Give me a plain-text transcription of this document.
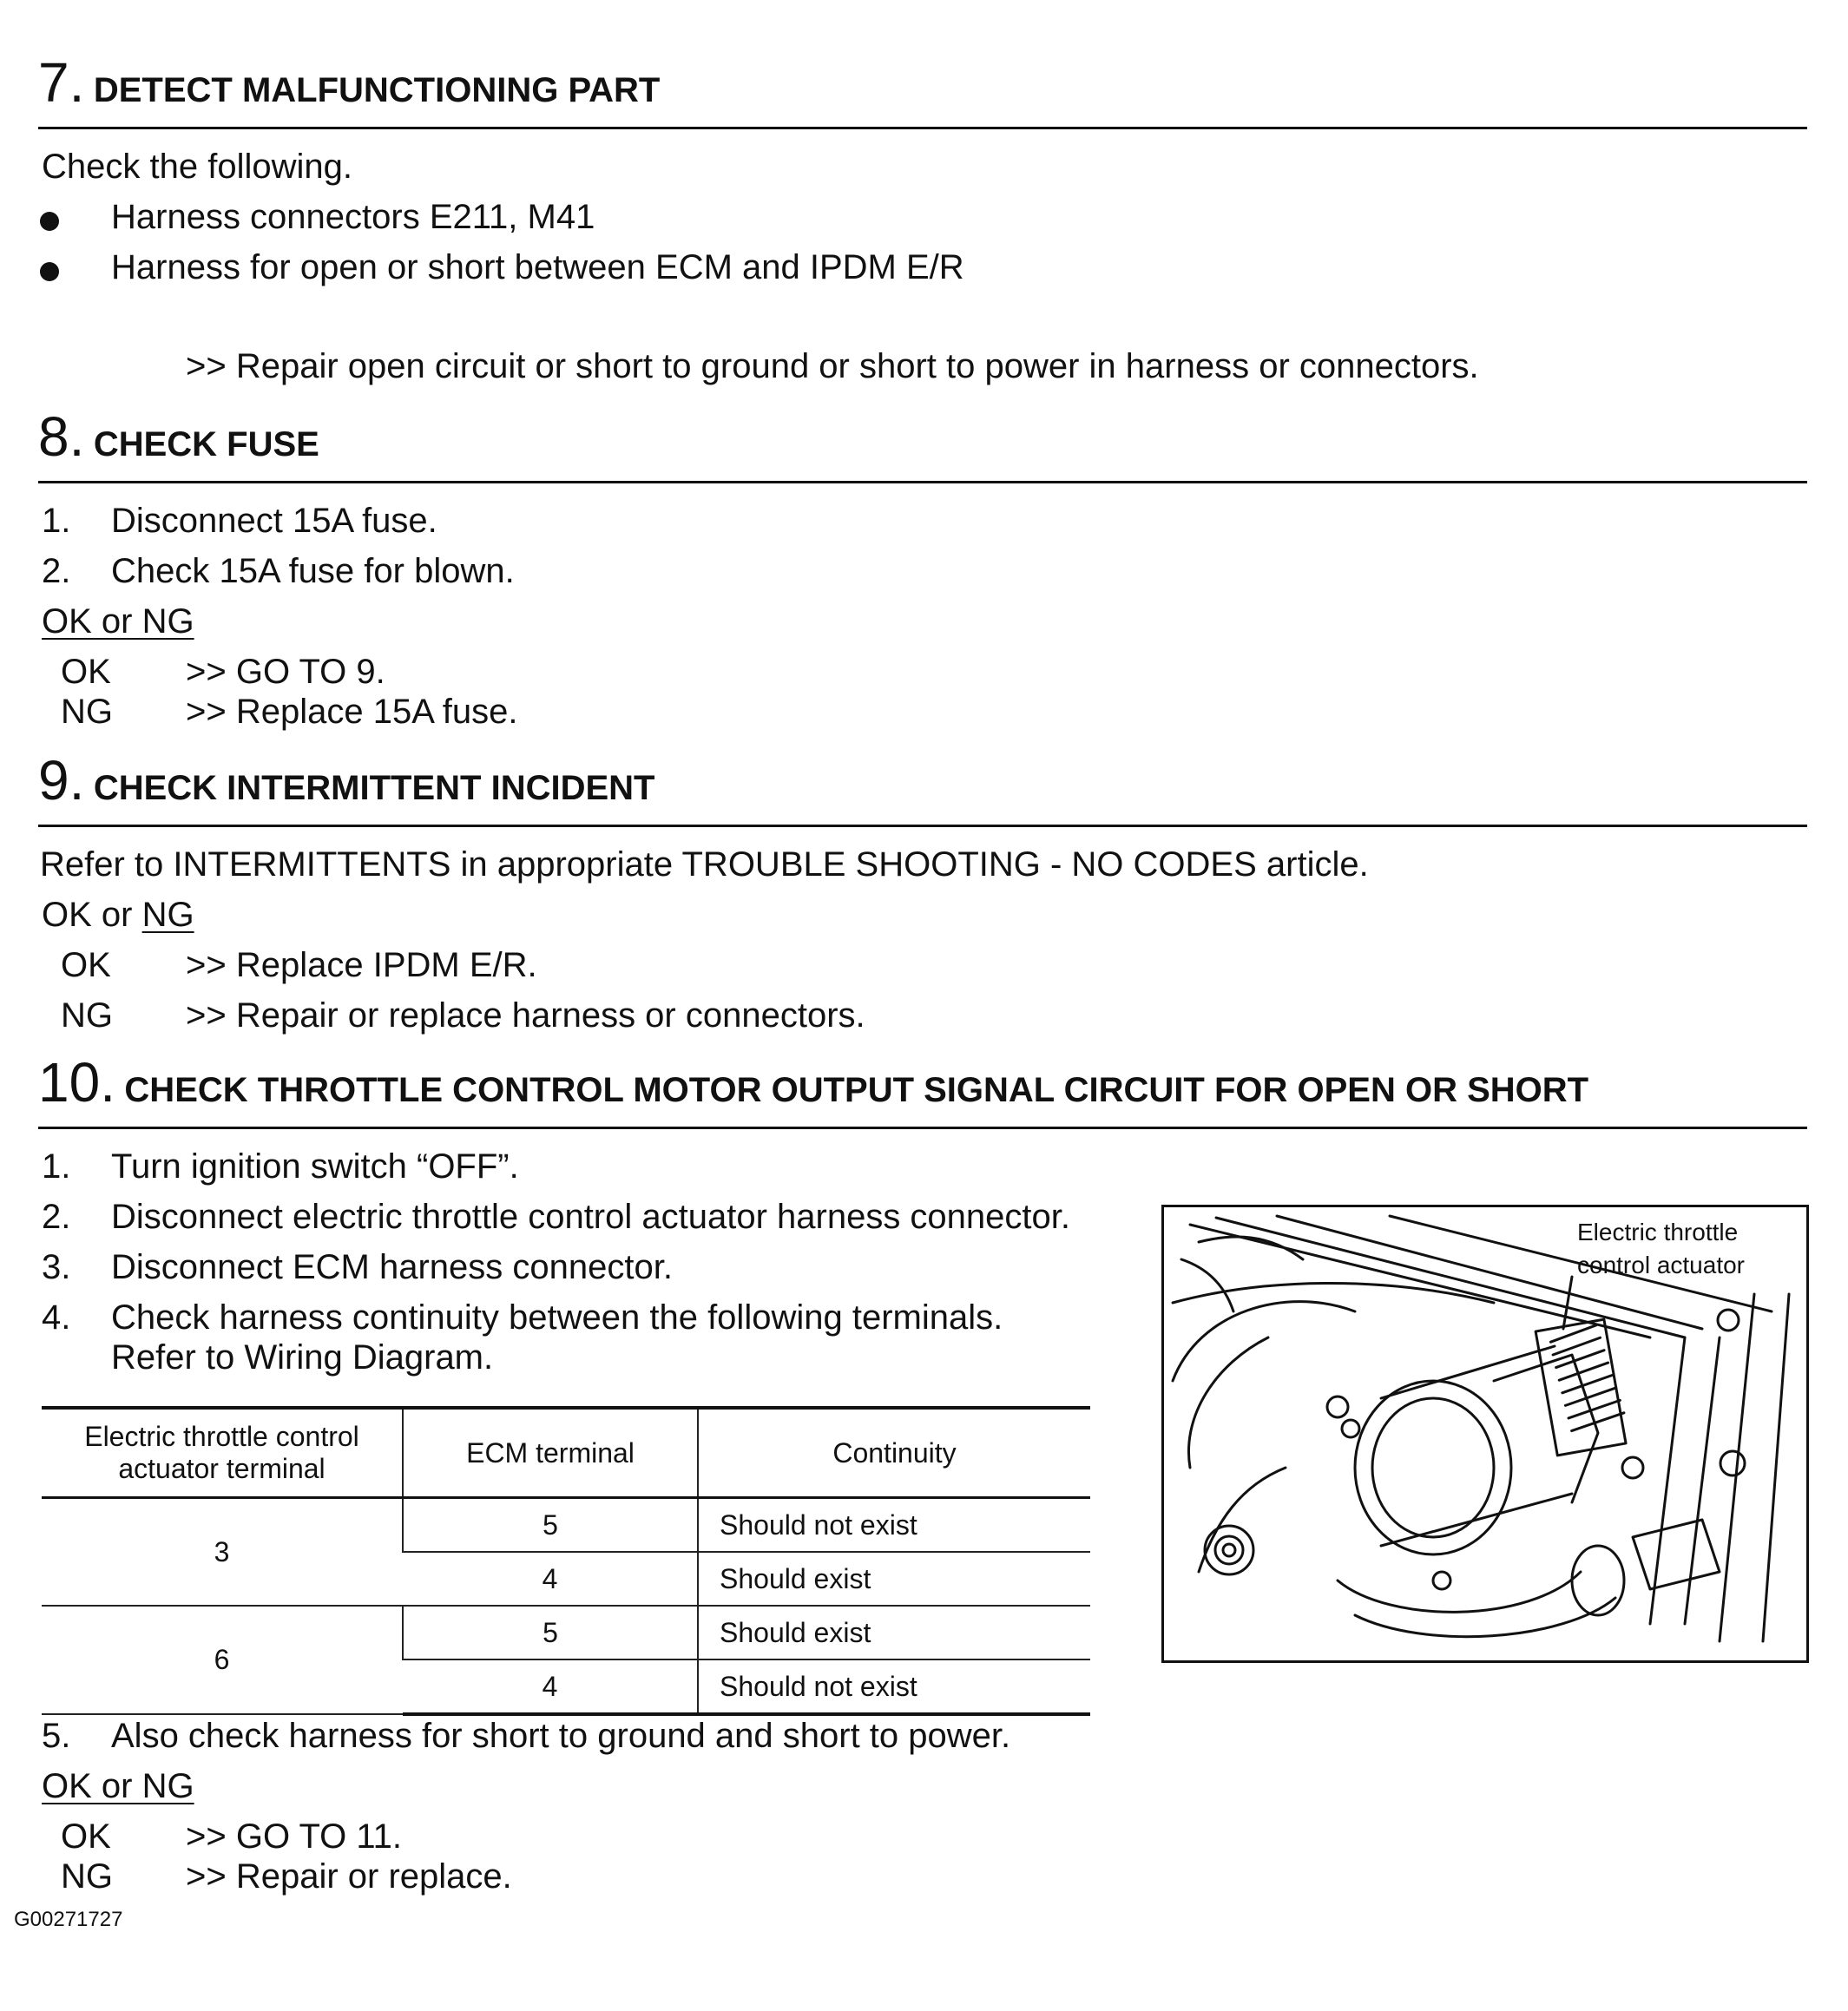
7. DETECT MALFUNCTIONING PART
Check the following.
Harness connectors E211, M41
Harness for open or short between ECM and IPDM E/R
>> Repair open circuit or short to ground or short to power in harness or connectors.
8. CHECK FUSE
1. Disconnect 15A fuse.
2. Check 15A fuse for blown.
OK or NG
OK >> GO TO 9.
NG >> Replace 15A fuse.
9. CHECK INTERMITTENT INCIDENT
Refer to INTERMITTENTS in appropriate TROUBLE SHOOTING - NO CODES article.
OK or NG
OK >> Replace IPDM E/R.
NG >> Repair or replace harness or connectors.
10. CHECK THROTTLE CONTROL MOTOR OUTPUT SIGNAL CIRCUIT FOR OPEN OR SHORT
1. Turn ignition switch “OFF”.
2. Disconnect electric throttle control actuator harness connector.
3. Disconnect ECM harness connector.
4. Check harness continuity between the following terminals.
Refer to Wiring Diagram.
Electric throttle control actuator terminal	ECM terminal	Continuity
3	5	Should not exist
	4	Should exist
6	5	Should exist
	4	Should not exist
Electric throttle
control actuator
5. Also check harness for short to ground and short to power.
OK or NG
OK >> GO TO 11.
NG >> Repair or replace.
G00271727
